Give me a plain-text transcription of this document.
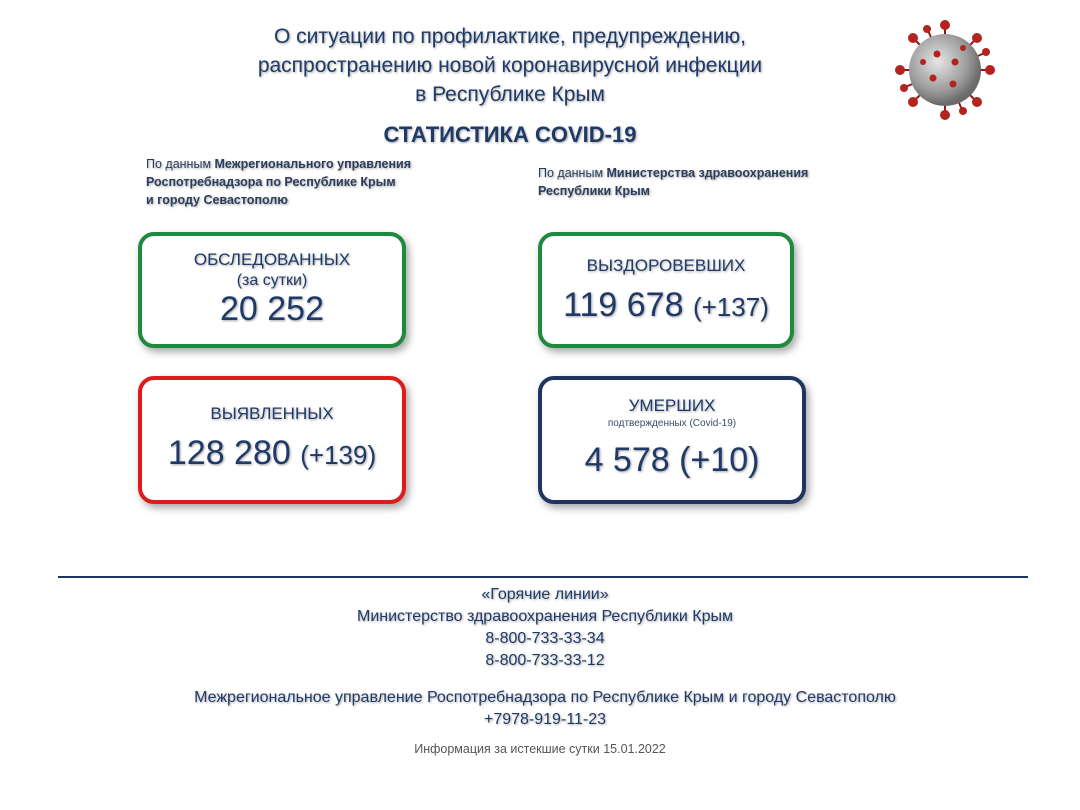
О ситуации по профилактике, предупреждению,
распространению новой коронавирусной инфекции
в Республике Крым
СТАТИСТИКА COVID-19
По данным Межрегионального управления
Роспотребнадзора по Республике Крым
и городу Севастополю
По данным Министерства здравоохранения
Республики Крым
ОБСЛЕДОВАННЫХ
(за сутки)
20 252
ВЫЯВЛЕННЫХ
128 280 (+139)
ВЫЗДОРОВЕВШИХ
119 678 (+137)
УМЕРШИХ
подтвержденных (Covid-19)
4 578 (+10)
«Горячие линии»
Министерство здравоохранения Республики Крым
8-800-733-33-34
8-800-733-33-12
Межрегиональное управление Роспотребнадзора по Республике Крым и городу Севастополю
+7978-919-11-23
Информация за истекшие сутки 15.01.2022
